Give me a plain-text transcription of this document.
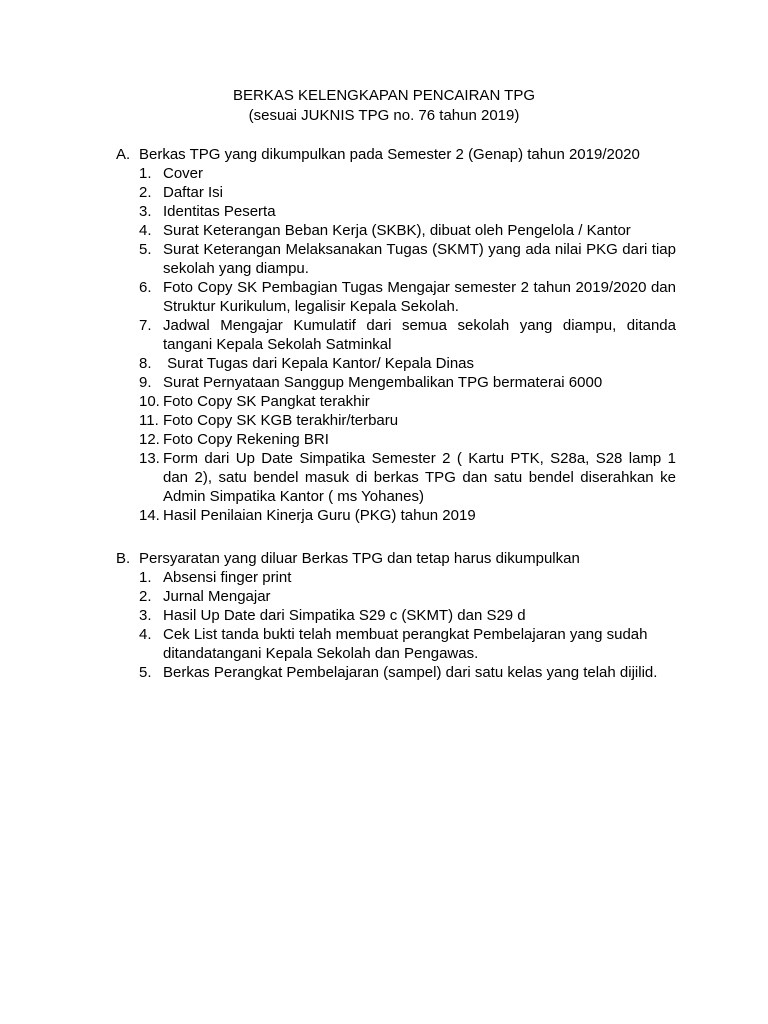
BERKAS KELENGKAPAN PENCAIRAN TPG
(sesuai JUKNIS TPG no. 76 tahun 2019)
A. Berkas TPG yang dikumpulkan pada Semester 2 (Genap) tahun 2019/2020
1. Cover
2. Daftar Isi
3. Identitas Peserta
4. Surat Keterangan Beban Kerja (SKBK), dibuat oleh Pengelola / Kantor
5. Surat Keterangan Melaksanakan Tugas (SKMT) yang ada nilai PKG dari tiap sekolah yang diampu.
6. Foto Copy SK Pembagian Tugas Mengajar semester 2 tahun 2019/2020 dan Struktur Kurikulum, legalisir Kepala Sekolah.
7. Jadwal Mengajar Kumulatif dari semua sekolah yang diampu, ditanda tangani Kepala Sekolah Satminkal
8. Surat Tugas dari Kepala Kantor/ Kepala Dinas
9. Surat Pernyataan Sanggup Mengembalikan TPG bermaterai 6000
10. Foto Copy SK Pangkat terakhir
11. Foto Copy SK KGB terakhir/terbaru
12. Foto Copy Rekening BRI
13. Form dari Up Date Simpatika Semester 2 ( Kartu PTK, S28a, S28 lamp 1 dan 2), satu bendel masuk di berkas TPG dan satu bendel diserahkan ke Admin Simpatika Kantor ( ms Yohanes)
14. Hasil Penilaian Kinerja Guru (PKG) tahun 2019
B. Persyaratan yang diluar Berkas TPG dan tetap harus dikumpulkan
1. Absensi finger print
2. Jurnal Mengajar
3. Hasil Up Date dari Simpatika S29 c (SKMT) dan S29 d
4. Cek List tanda bukti telah membuat perangkat Pembelajaran yang sudah ditandatangani Kepala Sekolah dan Pengawas.
5. Berkas Perangkat Pembelajaran (sampel) dari satu kelas yang telah dijilid.
